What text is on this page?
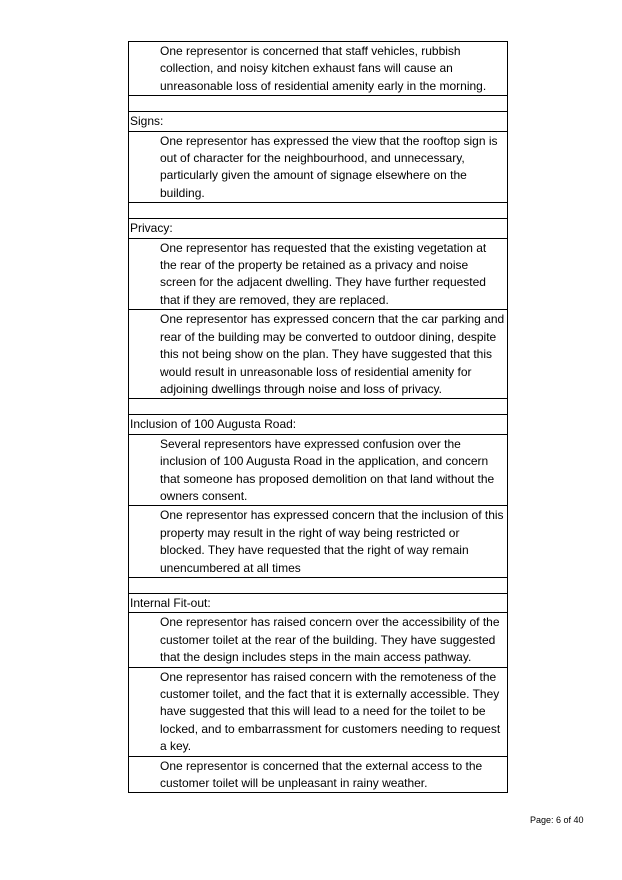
One representor is concerned that staff vehicles, rubbish collection, and noisy kitchen exhaust fans will cause an unreasonable loss of residential amenity early in the morning.

Signs:
One representor has expressed the view that the rooftop sign is out of character for the neighbourhood, and unnecessary, particularly given the amount of signage elsewhere on the building.

Privacy:
One representor has requested that the existing vegetation at the rear of the property be retained as a privacy and noise screen for the adjacent dwelling. They have further requested that if they are removed, they are replaced.
One representor has expressed concern that the car parking and rear of the building may be converted to outdoor dining, despite this not being show on the plan. They have suggested that this would result in unreasonable loss of residential amenity for adjoining dwellings through noise and loss of privacy.

Inclusion of 100 Augusta Road:
Several representors have expressed confusion over the inclusion of 100 Augusta Road in the application, and concern that someone has proposed demolition on that land without the owners consent.
One representor has expressed concern that the inclusion of this property may result in the right of way being restricted or blocked. They have requested that the right of way remain unencumbered at all times

Internal Fit-out:
One representor has raised concern over the accessibility of the customer toilet at the rear of the building. They have suggested that the design includes steps in the main access pathway.
One representor has raised concern with the remoteness of the customer toilet, and the fact that it is externally accessible. They have suggested that this will lead to a need for the toilet to be locked, and to embarrassment for customers needing to request a key.
One representor is concerned that the external access to the customer toilet will be unpleasant in rainy weather.
Page: 6 of 40
